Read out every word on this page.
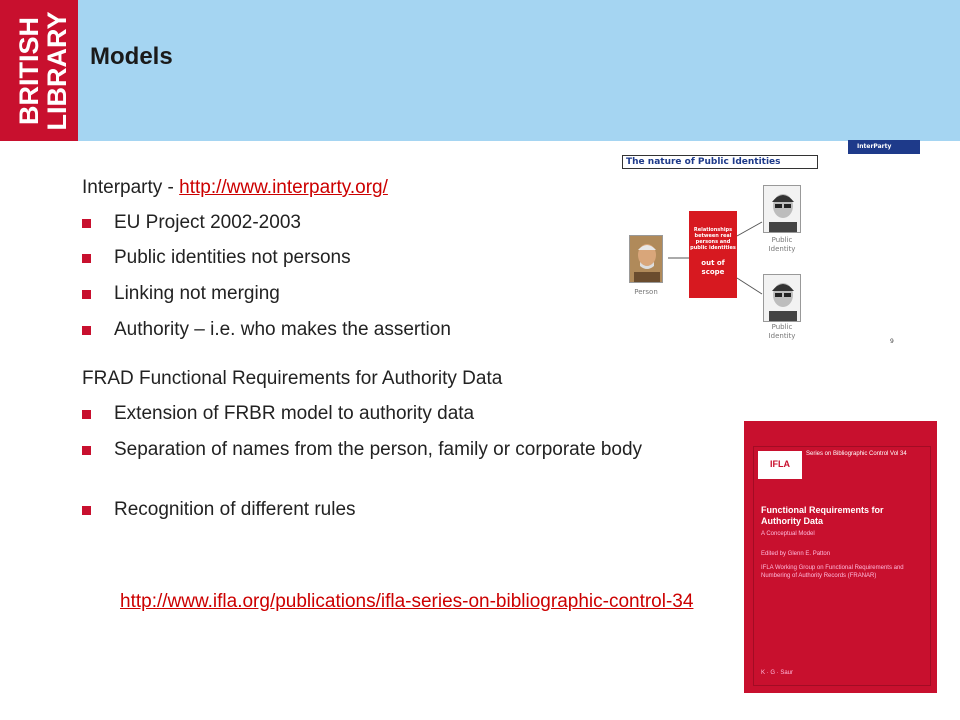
BRITISH
LIBRARY Models
Interparty - http://www.interparty.org/
EU Project 2002-2003
Public identities not persons
Linking not merging
Authority – i.e. who makes the assertion
FRAD Functional Requirements for Authority Data
Extension of FRBR model to authority data
Separation of names from the person, family or corporate body
Recognition of different rules
http://www.ifla.org/publications/ifla-series-on-bibliographic-control-34
InterParty
The nature of Public Identities
Person
Relationships between real persons and public identities
out of scope
Public Identity
Public Identity
9
IFLA
Series on Bibliographic Control Vol 34
Functional Requirements for Authority Data
A Conceptual Model
Edited by Glenn E. Patton
IFLA Working Group on Functional Requirements and Numbering of Authority Records (FRANAR)
K · G · Saur
